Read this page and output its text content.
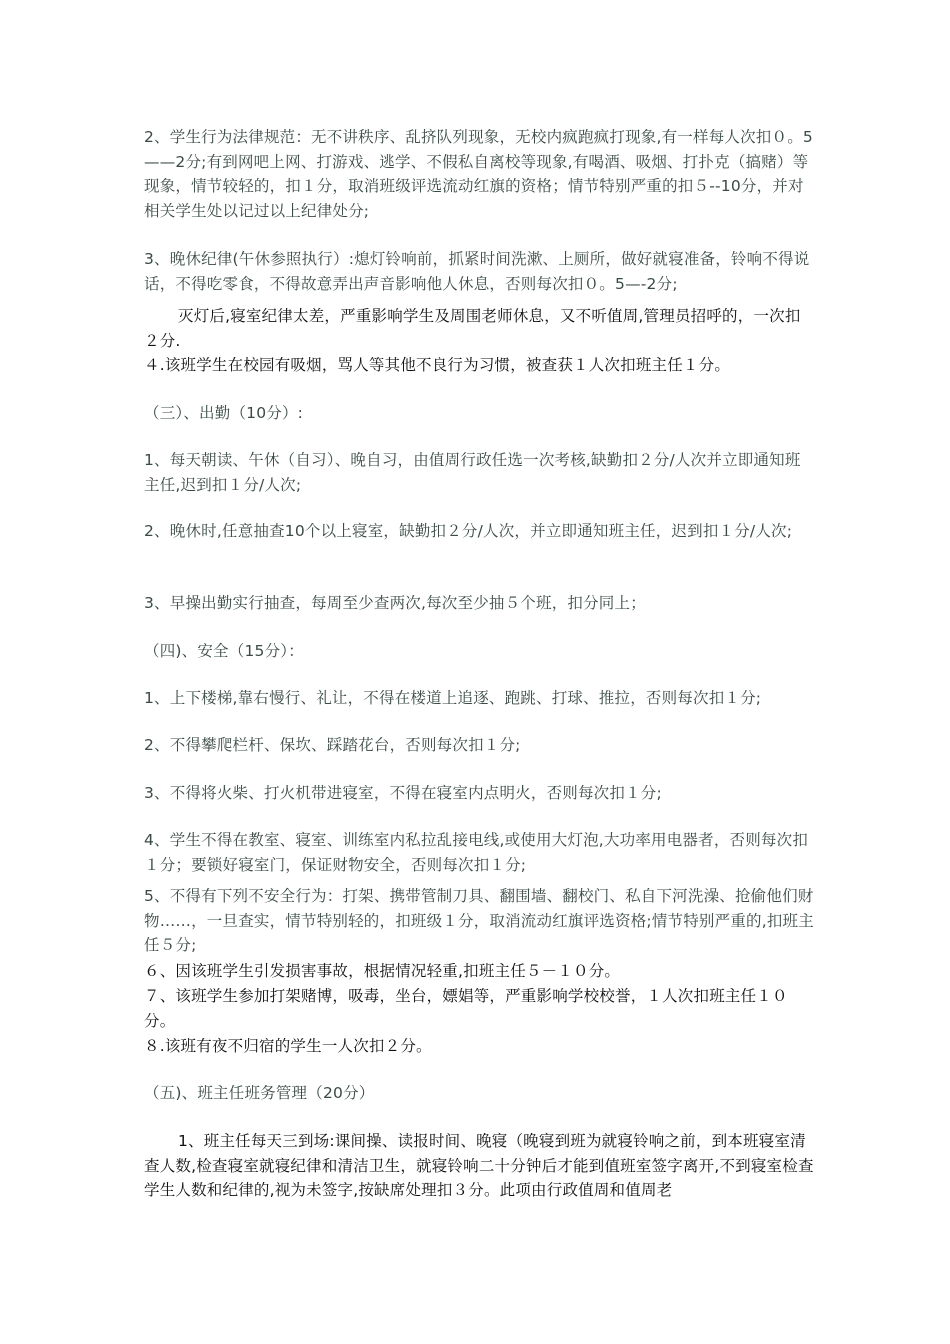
2、学生行为法律规范：无不讲秩序、乱挤队列现象，无校内疯跑疯打现象,有一样每人次扣０。5——2分;有到网吧上网、打游戏、逃学、不假私自离校等现象,有喝酒、吸烟、打扑克（搞赌）等现象，情节较轻的，扣１分，取消班级评选流动红旗的资格；情节特别严重的扣５--10分，并对相关学生处以记过以上纪律处分;
3、晚休纪律(午休参照执行）:熄灯铃响前，抓紧时间洗漱、上厕所，做好就寝准备，铃响不得说话，不得吃零食，不得故意弄出声音影响他人休息，否则每次扣０。5—-2分;
灭灯后,寝室纪律太差，严重影响学生及周围老师休息，又不听值周,管理员招呼的，一次扣２分.
４.该班学生在校园有吸烟，骂人等其他不良行为习惯，被查获１人次扣班主任１分。
（三）、出勤（10分）:
1、每天朝读、午休（自习）、晚自习，由值周行政任选一次考核,缺勤扣２分/人次并立即通知班主任,迟到扣１分/人次;
2、晚休时,任意抽查10个以上寝室，缺勤扣２分/人次，并立即通知班主任，迟到扣１分/人次;
3、早操出勤实行抽查，每周至少查两次,每次至少抽５个班，扣分同上；
（四)、安全（15分）：
1、上下楼梯,靠右慢行、礼让，不得在楼道上追逐、跑跳、打球、推拉，否则每次扣１分;
2、不得攀爬栏杆、保坎、踩踏花台，否则每次扣１分;
3、不得将火柴、打火机带进寝室，不得在寝室内点明火，否则每次扣１分;
4、学生不得在教室、寝室、训练室内私拉乱接电线,或使用大灯泡,大功率用电器者，否则每次扣１分；要锁好寝室门，保证财物安全，否则每次扣１分;
5、不得有下列不安全行为：打架、携带管制刀具、翻围墙、翻校门、私自下河洗澡、抢偷他们财物……，一旦查实，情节特别轻的，扣班级１分，取消流动红旗评选资格;情节特别严重的,扣班主任５分;
６、因该班学生引发损害事故，根据情况轻重,扣班主任５－１０分。
７、该班学生参加打架赌博，吸毒，坐台，嫖娼等，严重影响学校校誉，１人次扣班主任１０分。
８.该班有夜不归宿的学生一人次扣２分。
（五)、班主任班务管理（20分）
1、班主任每天三到场:课间操、读报时间、晚寝（晚寝到班为就寝铃响之前，到本班寝室清查人数,检查寝室就寝纪律和清洁卫生，就寝铃响二十分钟后才能到值班室签字离开,不到寝室检查学生人数和纪律的,视为未签字,按缺席处理扣３分。此项由行政值周和值周老
